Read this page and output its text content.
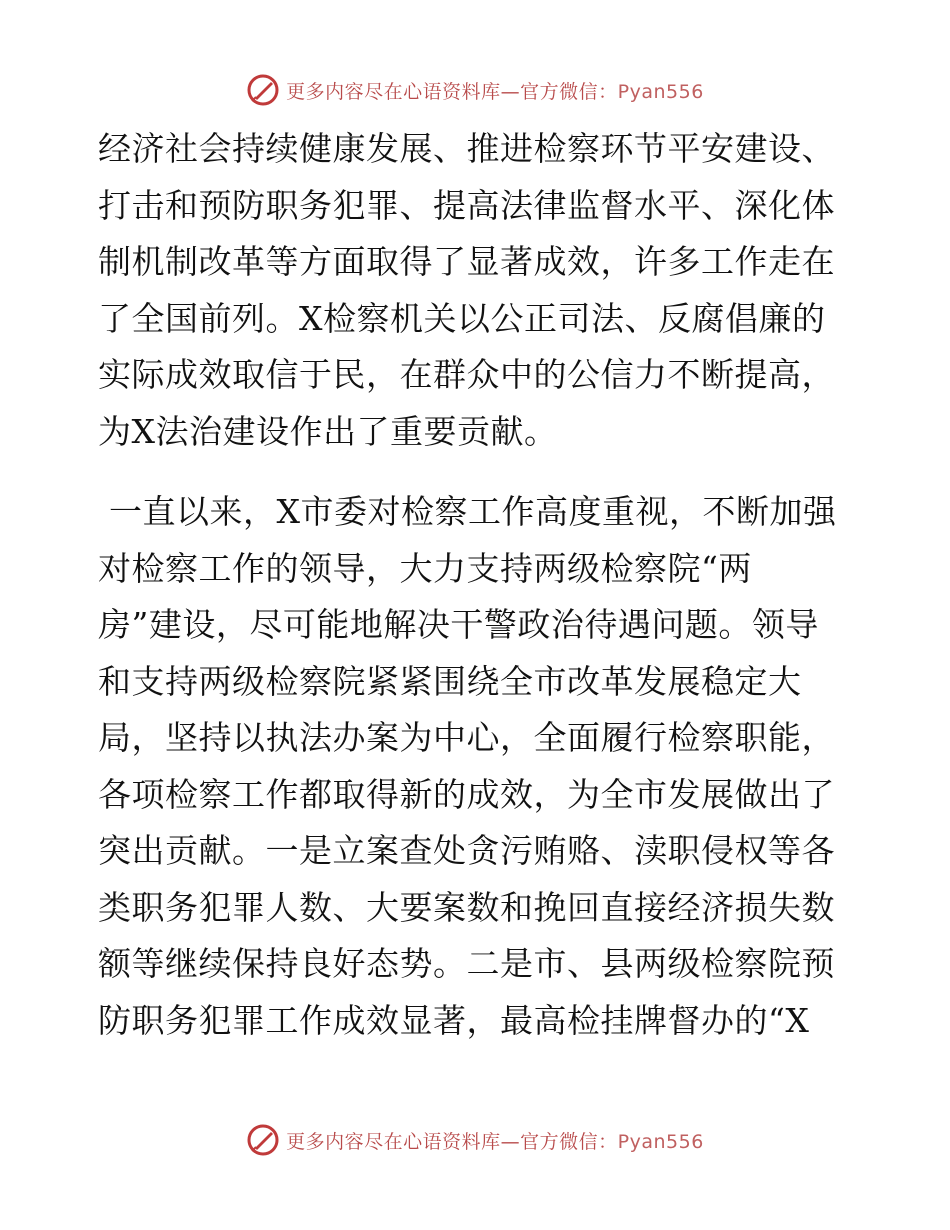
更多内容尽在心语资料库—官方微信：Pyan556
经济社会持续健康发展、推进检察环节平安建设、
打击和预防职务犯罪、提高法律监督水平、深化体
制机制改革等方面取得了显著成效，许多工作走在
了全国前列。X检察机关以公正司法、反腐倡廉的
实际成效取信于民，在群众中的公信力不断提高，
为X法治建设作出了重要贡献。
一直以来，X市委对检察工作高度重视，不断加强
对检察工作的领导，大力支持两级检察院“两
房”建设，尽可能地解决干警政治待遇问题。领导
和支持两级检察院紧紧围绕全市改革发展稳定大
局，坚持以执法办案为中心，全面履行检察职能，
各项检察工作都取得新的成效，为全市发展做出了
突出贡献。一是立案查处贪污贿赂、渎职侵权等各
类职务犯罪人数、大要案数和挽回直接经济损失数
额等继续保持良好态势。二是市、县两级检察院预
防职务犯罪工作成效显著，最高检挂牌督办的“X
更多内容尽在心语资料库—官方微信：Pyan556
